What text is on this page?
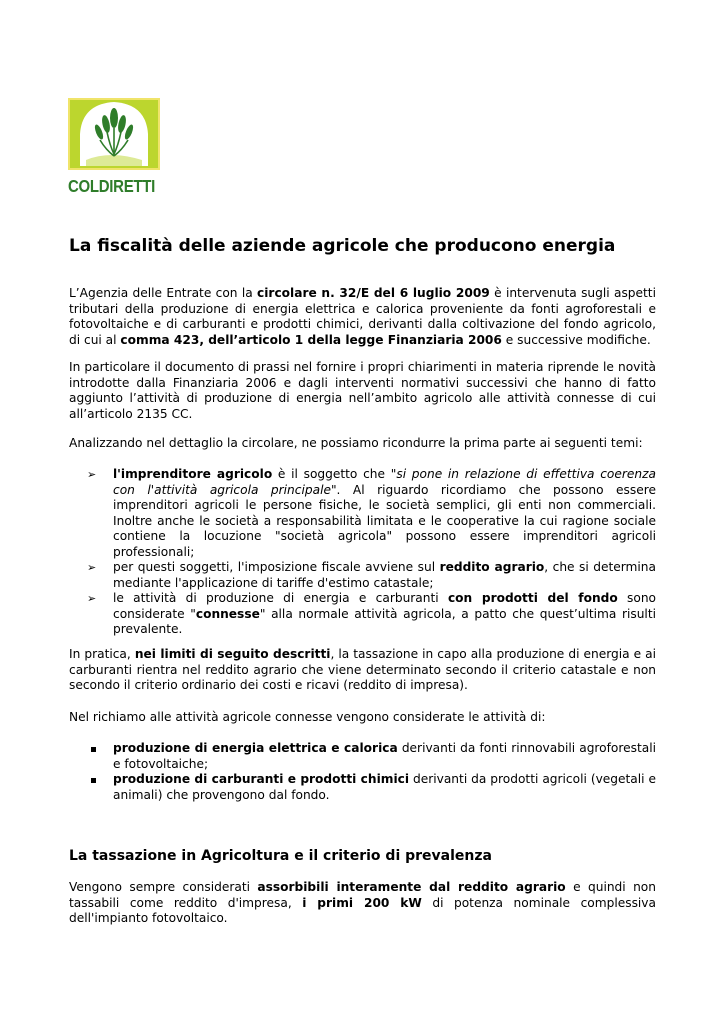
COLDIRETTI
La fiscalità delle aziende agricole che producono energia

L’Agenzia delle Entrate con la circolare n. 32/E del 6 luglio 2009 è intervenuta sugli aspetti tributari della produzione di energia elettrica e calorica proveniente da fonti agroforestali e fotovoltaiche e di carburanti e prodotti chimici, derivanti dalla coltivazione del fondo agricolo, di cui al comma 423, dell’articolo 1 della legge Finanziaria 2006 e successive modifiche.

In particolare il documento di prassi nel fornire i propri chiarimenti in materia riprende le novità introdotte dalla Finanziaria 2006 e dagli interventi normativi successivi che hanno di fatto aggiunto l’attività di produzione di energia nell’ambito agricolo alle attività connesse di cui all’articolo 2135 CC.

Analizzando nel dettaglio la circolare, ne possiamo ricondurre la prima parte ai seguenti temi:

➢ l'imprenditore agricolo è il soggetto che "si pone in relazione di effettiva coerenza con l'attività agricola principale". Al riguardo ricordiamo che possono essere imprenditori agricoli le persone fisiche, le società semplici, gli enti non commerciali. Inoltre anche le società a responsabilità limitata e le cooperative la cui ragione sociale contiene la locuzione "società agricola" possono essere imprenditori agricoli professionali;
➢ per questi soggetti, l'imposizione fiscale avviene sul reddito agrario, che si determina mediante l'applicazione di tariffe d'estimo catastale;
➢ le attività di produzione di energia e carburanti con prodotti del fondo sono considerate "connesse" alla normale attività agricola, a patto che quest’ultima risulti prevalente.

In pratica, nei limiti di seguito descritti, la tassazione in capo alla produzione di energia e ai carburanti rientra nel reddito agrario che viene determinato secondo il criterio catastale e non secondo il criterio ordinario dei costi e ricavi (reddito di impresa).

Nel richiamo alle attività agricole connesse vengono considerate le attività di:

produzione di energia elettrica e calorica derivanti da fonti rinnovabili agroforestali e fotovoltaiche;
produzione di carburanti e prodotti chimici derivanti da prodotti agricoli (vegetali e animali) che provengono dal fondo.
La tassazione in Agricoltura e il criterio di prevalenza

Vengono sempre considerati assorbibili interamente dal reddito agrario e quindi non tassabili come reddito d'impresa, i primi 200 kW di potenza nominale complessiva dell'impianto fotovoltaico.
